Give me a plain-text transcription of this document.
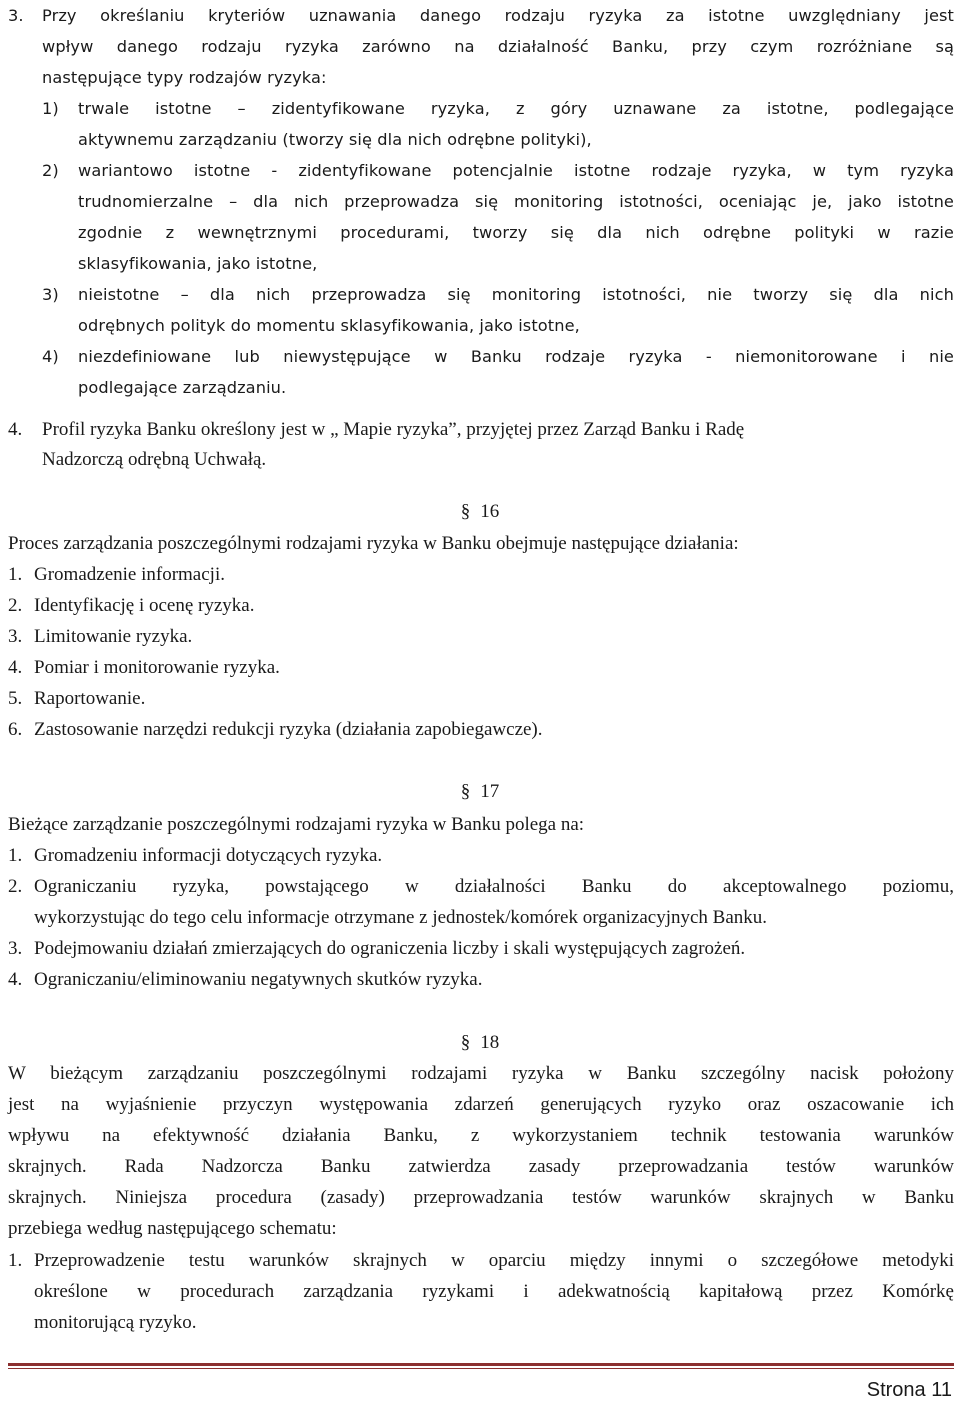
3. Przy określaniu kryteriów uznawania danego rodzaju ryzyka za istotne uwzględniany jest
wpływ danego rodzaju ryzyka zarówno na działalność Banku, przy czym rozróżniane są
następujące typy rodzajów ryzyka:
1) trwale istotne – zidentyfikowane ryzyka, z góry uznawane za istotne, podlegające
aktywnemu zarządzaniu (tworzy się dla nich odrębne polityki),
2) wariantowo istotne - zidentyfikowane potencjalnie istotne rodzaje ryzyka, w tym ryzyka
trudnomierzalne – dla nich przeprowadza się monitoring istotności, oceniając je, jako istotne
zgodnie z wewnętrznymi procedurami, tworzy się dla nich odrębne polityki w razie
sklasyfikowania, jako istotne,
3) nieistotne – dla nich przeprowadza się monitoring istotności, nie tworzy się dla nich
odrębnych polityk do momentu sklasyfikowania, jako istotne,
4) niezdefiniowane lub niewystępujące w Banku rodzaje ryzyka - niemonitorowane i nie
podlegające zarządzaniu.
4. Profil ryzyka Banku określony jest w „ Mapie ryzyka”, przyjętej przez Zarząd Banku i Radę
Nadzorczą odrębną Uchwałą.
§ 16
Proces zarządzania poszczególnymi rodzajami ryzyka w Banku obejmuje następujące działania:
1. Gromadzenie informacji.
2. Identyfikację i ocenę ryzyka.
3. Limitowanie ryzyka.
4. Pomiar i monitorowanie ryzyka.
5. Raportowanie.
6. Zastosowanie narzędzi redukcji ryzyka (działania zapobiegawcze).
§ 17
Bieżące zarządzanie poszczególnymi rodzajami ryzyka w Banku polega na:
1. Gromadzeniu informacji dotyczących ryzyka.
2. Ograniczaniu ryzyka, powstającego w działalności Banku do akceptowalnego poziomu,
wykorzystując do tego celu informacje otrzymane z jednostek/komórek organizacyjnych Banku.
3. Podejmowaniu działań zmierzających do ograniczenia liczby i skali występujących zagrożeń.
4. Ograniczaniu/eliminowaniu negatywnych skutków ryzyka.
§ 18
W bieżącym zarządzaniu poszczególnymi rodzajami ryzyka w Banku szczególny nacisk położony
jest na wyjaśnienie przyczyn występowania zdarzeń generujących ryzyko oraz oszacowanie ich
wpływu na efektywność działania Banku, z wykorzystaniem technik testowania warunków
skrajnych. Rada Nadzorcza Banku zatwierdza zasady przeprowadzania testów warunków
skrajnych. Niniejsza procedura (zasady) przeprowadzania testów warunków skrajnych w Banku
przebiega według następującego schematu:
1. Przeprowadzenie testu warunków skrajnych w oparciu między innymi o szczegółowe metodyki
określone w procedurach zarządzania ryzykami i adekwatnością kapitałową przez Komórkę
monitorującą ryzyko.
Strona 11
